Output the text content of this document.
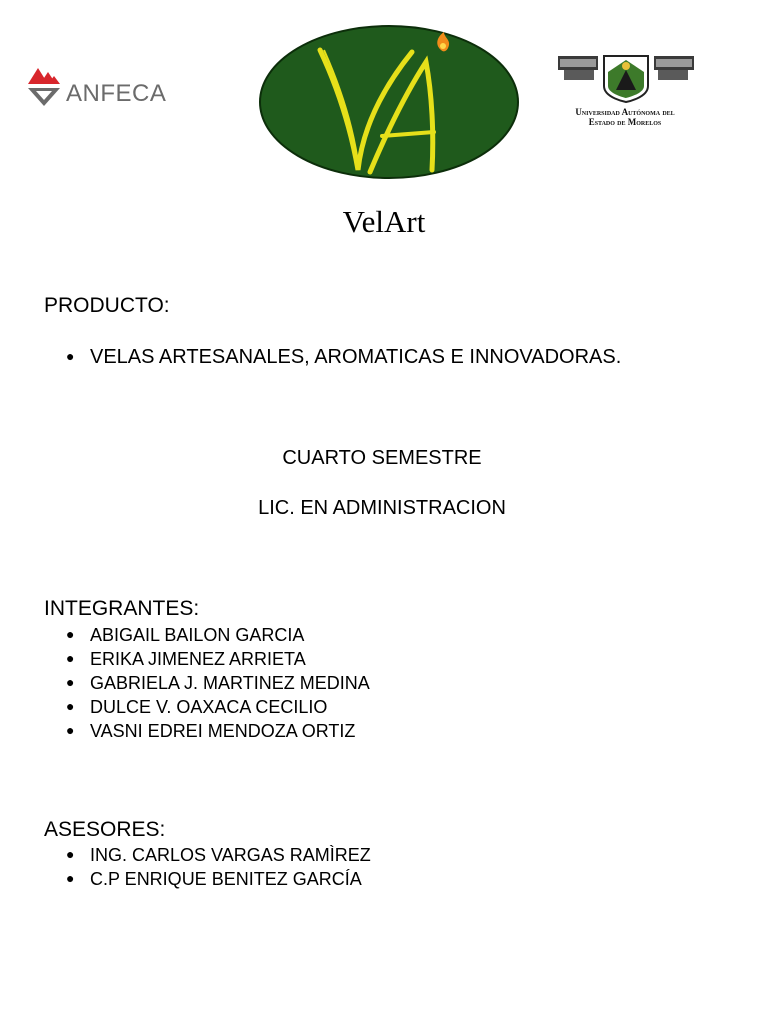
ANFECA
VA
Universidad Autónoma del
Estado de Morelos
VelArt
PRODUCTO:
● VELAS ARTESANALES, AROMATICAS E INNOVADORAS.
CUARTO SEMESTRE
LIC. EN ADMINISTRACION
INTEGRANTES:
● ABIGAIL BAILON GARCIA
● ERIKA JIMENEZ ARRIETA
● GABRIELA J. MARTINEZ MEDINA
● DULCE V. OAXACA CECILIO
● VASNI EDREI MENDOZA ORTIZ
ASESORES:
● ING. CARLOS VARGAS RAMÌREZ
● C.P ENRIQUE BENITEZ GARCÍA
